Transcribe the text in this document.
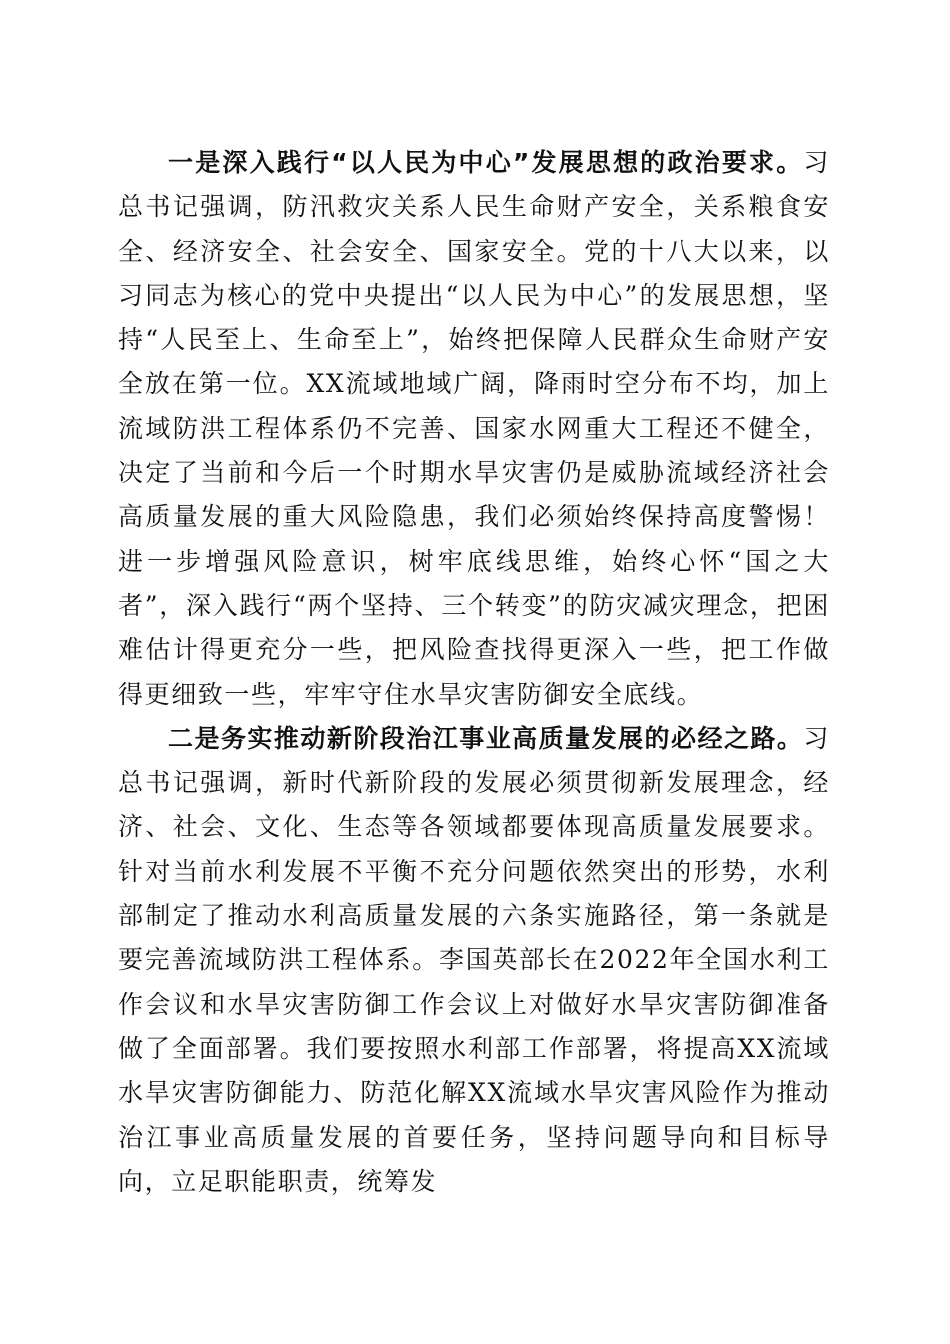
一是深入践行“以人民为中心”发展思想的政治要求。习总书记强调，防汛救灾关系人民生命财产安全，关系粮食安全、经济安全、社会安全、国家安全。党的十八大以来，以习同志为核心的党中央提出“以人民为中心”的发展思想，坚持“人民至上、生命至上”，始终把保障人民群众生命财产安全放在第一位。XX流域地域广阔，降雨时空分布不均，加上流域防洪工程体系仍不完善、国家水网重大工程还不健全，决定了当前和今后一个时期水旱灾害仍是威胁流域经济社会高质量发展的重大风险隐患，我们必须始终保持高度警惕！进一步增强风险意识，树牢底线思维，始终心怀“国之大者”，深入践行“两个坚持、三个转变”的防灾减灾理念，把困难估计得更充分一些，把风险查找得更深入一些，把工作做得更细致一些，牢牢守住水旱灾害防御安全底线。

二是务实推动新阶段治江事业高质量发展的必经之路。习总书记强调，新时代新阶段的发展必须贯彻新发展理念，经济、社会、文化、生态等各领域都要体现高质量发展要求。针对当前水利发展不平衡不充分问题依然突出的形势，水利部制定了推动水利高质量发展的六条实施路径，第一条就是要完善流域防洪工程体系。李国英部长在2022年全国水利工作会议和水旱灾害防御工作会议上对做好水旱灾害防御准备做了全面部署。我们要按照水利部工作部署，将提高XX流域水旱灾害防御能力、防范化解XX流域水旱灾害风险作为推动治江事业高质量发展的首要任务，坚持问题导向和目标导向，立足职能职责，统筹发
